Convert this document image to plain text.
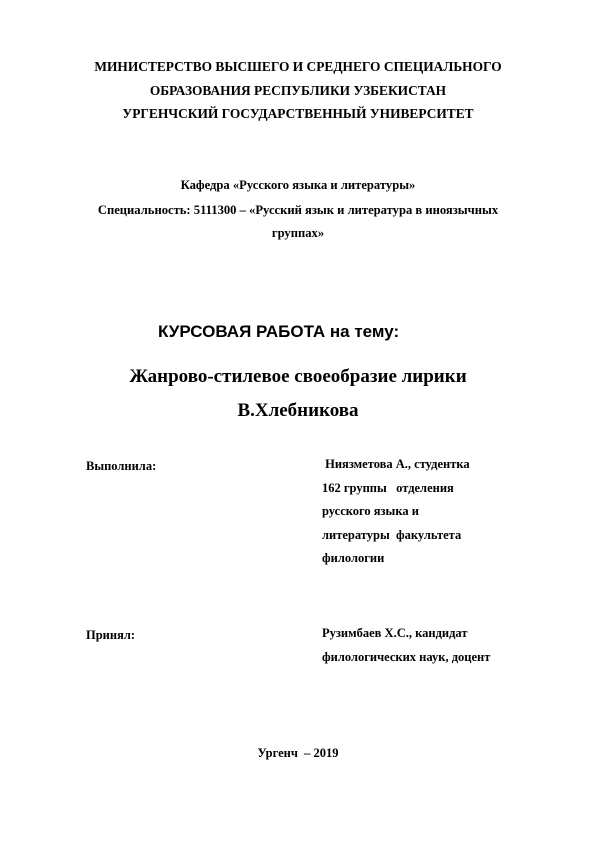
МИНИСТЕРСТВО ВЫСШЕГО И СРЕДНЕГО СПЕЦИАЛЬНОГО
ОБРАЗОВАНИЯ РЕСПУБЛИКИ УЗБЕКИСТАН
УРГЕНЧСКИЙ ГОСУДАРСТВЕННЫЙ УНИВЕРСИТЕТ
Кафедра «Русского языка и литературы»
Специальность: 5111300 – «Русский язык и литература в иноязычных
группах»
КУРСОВАЯ РАБОТА на тему:
Жанрово-стилевое своеобразие лирики
В.Хлебникова
Выполнила:	Ниязметова А., студентка
162 группы   отделения
русского языка и
литературы  факультета
филологии
Принял:	Рузимбаев Х.С., кандидат
филологических наук, доцент
Ургенч  – 2019
